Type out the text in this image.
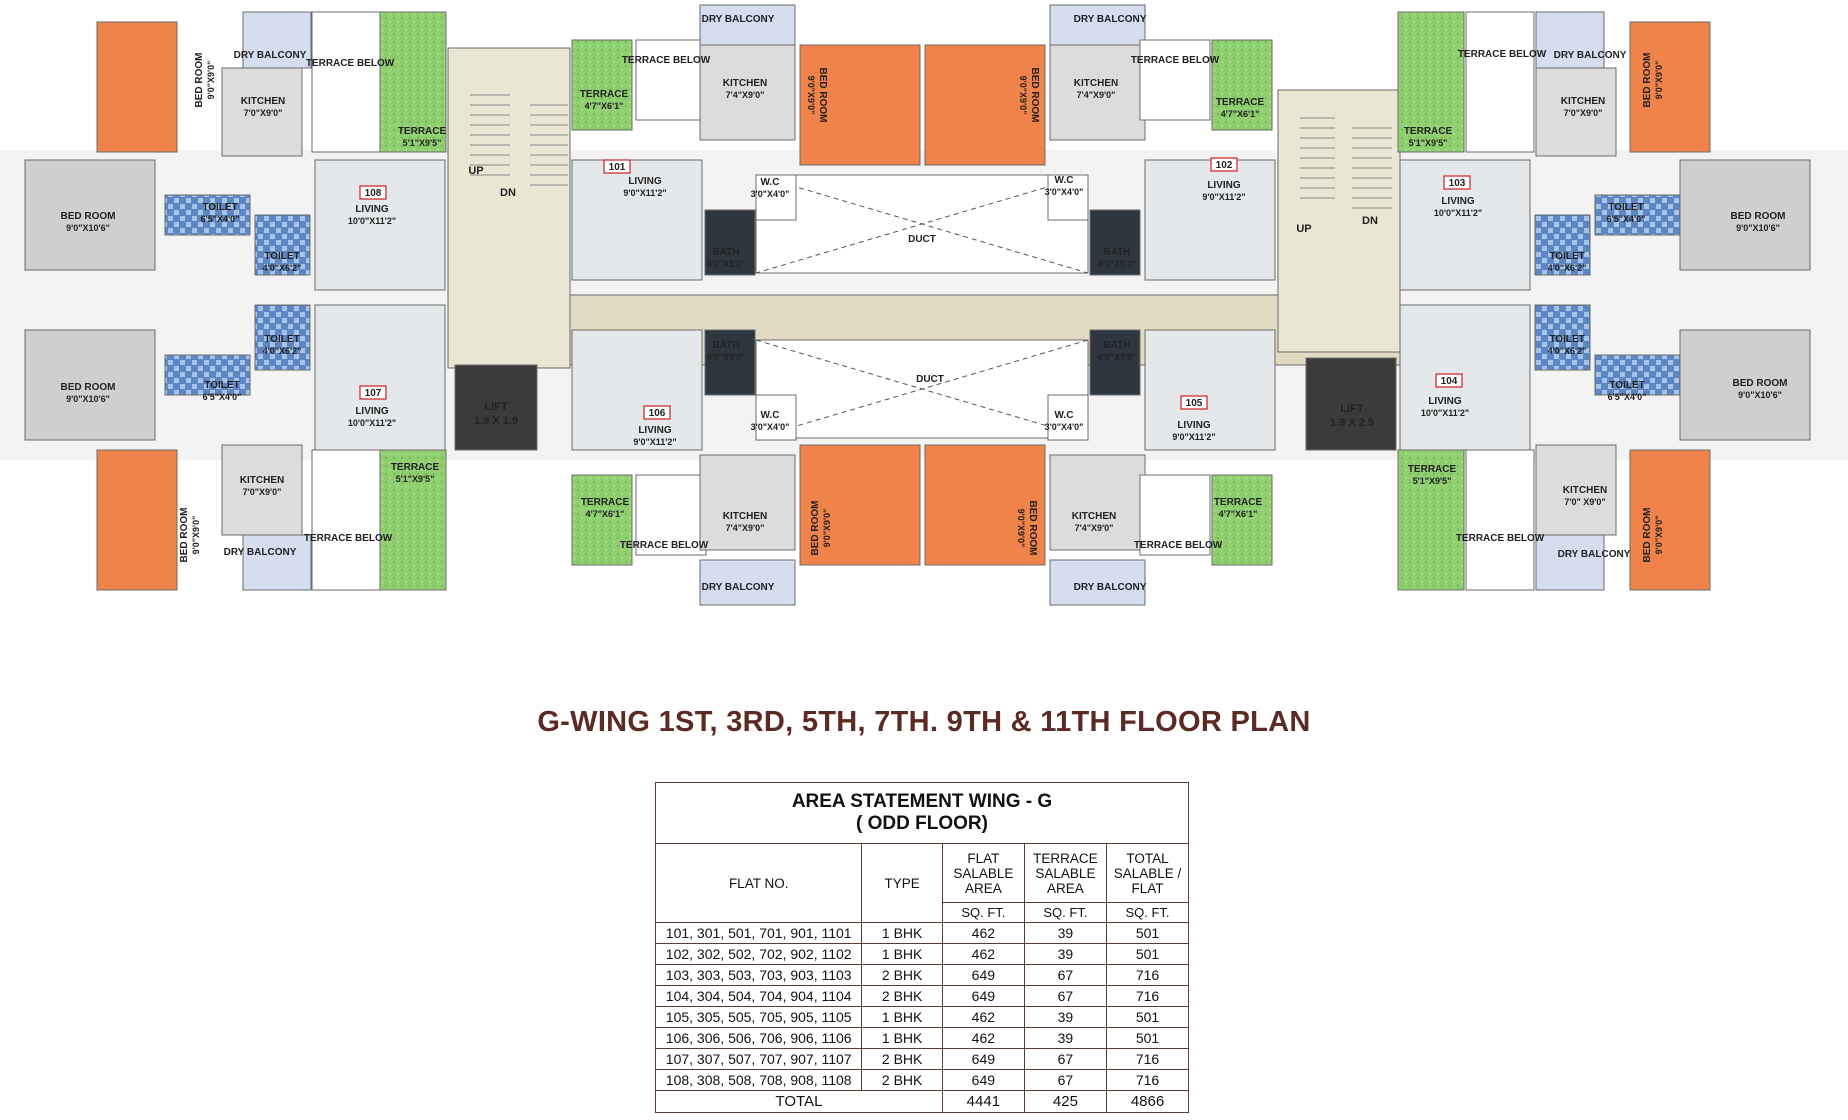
BED ROOM 9'0"X9'0"
DRY BALCONY
KITCHEN
7'0"X9'0"
TERRACE BELOW
TERRACE
5'1"X9'5"
BED ROOM
9'0"X10'6"
TOILET
6'5"X4'0"
TOILET
4'0"X6'2"
LIVING
10'0"X11'2"
TOILET
4'0"X6'2"
LIVING
10'0"X11'2"
BED ROOM
9'0"X10'6"
TOILET
6'5"X4'0"
KITCHEN
7'0"X9'0"
BED ROOM 9'0"X9'0" DRY BALCONY
TERRACE BELOW
TERRACE
5'1"X9'5"
TERRACE
4'7"X6'1"
TERRACE BELOW
DRY BALCONY
KITCHEN
7'4"X9'0"	BED ROOM
9'0"X9'0"
LIVING
9'0"X11'2"
W.C
3'0"X4'0"
BATH
4'0"X5'0"
BED ROOM
9'0"X9'0"
DRY BALCONY
KITCHEN
7'4"X9'0"
TERRACE BELOW
TERRACE
4'7"X6'1"
LIVING
9'0"X11'2"
W.C
3'0"X4'0"
BATH
4'0"X5'0"
BATH
4'0"X5'0"
LIVING
9'0"X11'2"
W.C
3'0"X4'0"
TERRACE
4'7"X6'1"
TERRACE BELOW
KITCHEN
7'4"X9'0"	BED ROOM 9'0"X9'0"
DRY BALCONY
BATH
4'0"X5'0"
LIVING
9'0"X11'2"
W.C
3'0"X4'0"
BED ROOM
9'0"X9'0"	KITCHEN
7'4"X9'0"
TERRACE BELOW
TERRACE
4'7"X6'1"
DRY BALCONY
TERRACE
5'1"X9'5"
TERRACE BELOW DRY BALCONY
KITCHEN
7'0"X9'0"
BED ROOM 9'0"X9'0"
LIVING
10'0"X11'2"	TOILET
6'5"X4'0"	BED ROOM
9'0"X10'6"
TOILET
4'0"X6'2"
TOILET
4'0"X6'2"
BED ROOM
9'0"X10'6"
TOILET
6'5"X4'0"
LIVING
10'0"X11'2"
TERRACE
5'1"X9'5"
TERRACE BELOW
KITCHEN
7'0" X9'0"
DRY BALCONY BED ROOM 9'0"X9'0"
101	102
103
104
105
106
107
108
UP
DN
UP
DN
LIFT
1.9 X 1.9
LIFT
1.9 X 2.5
DUCT
DUCT
G-WING 1ST, 3RD, 5TH, 7TH. 9TH & 11TH FLOOR PLAN
AREA STATEMENT WING - G
( ODD FLOOR)				

FLAT NO.	TYPE	FLAT SALABLE AREA	TERRACE SALABLE AREA	TOTAL SALABLE / FLAT
		SQ. FT.	SQ. FT.	SQ. FT.
101, 301, 501, 701, 901, 1101	1 BHK	462	39	501
102, 302, 502, 702, 902, 1102	1 BHK	462	39	501
103, 303, 503, 703, 903, 1103	2 BHK	649	67	716
104, 304, 504, 704, 904, 1104	2 BHK	649	67	716
105, 305, 505, 705, 905, 1105	1 BHK	462	39	501
106, 306, 506, 706, 906, 1106	1 BHK	462	39	501
107, 307, 507, 707, 907, 1107	2 BHK	649	67	716
108, 308, 508, 708, 908, 1108	2 BHK	649	67	716
TOTAL		4441	425	4866
